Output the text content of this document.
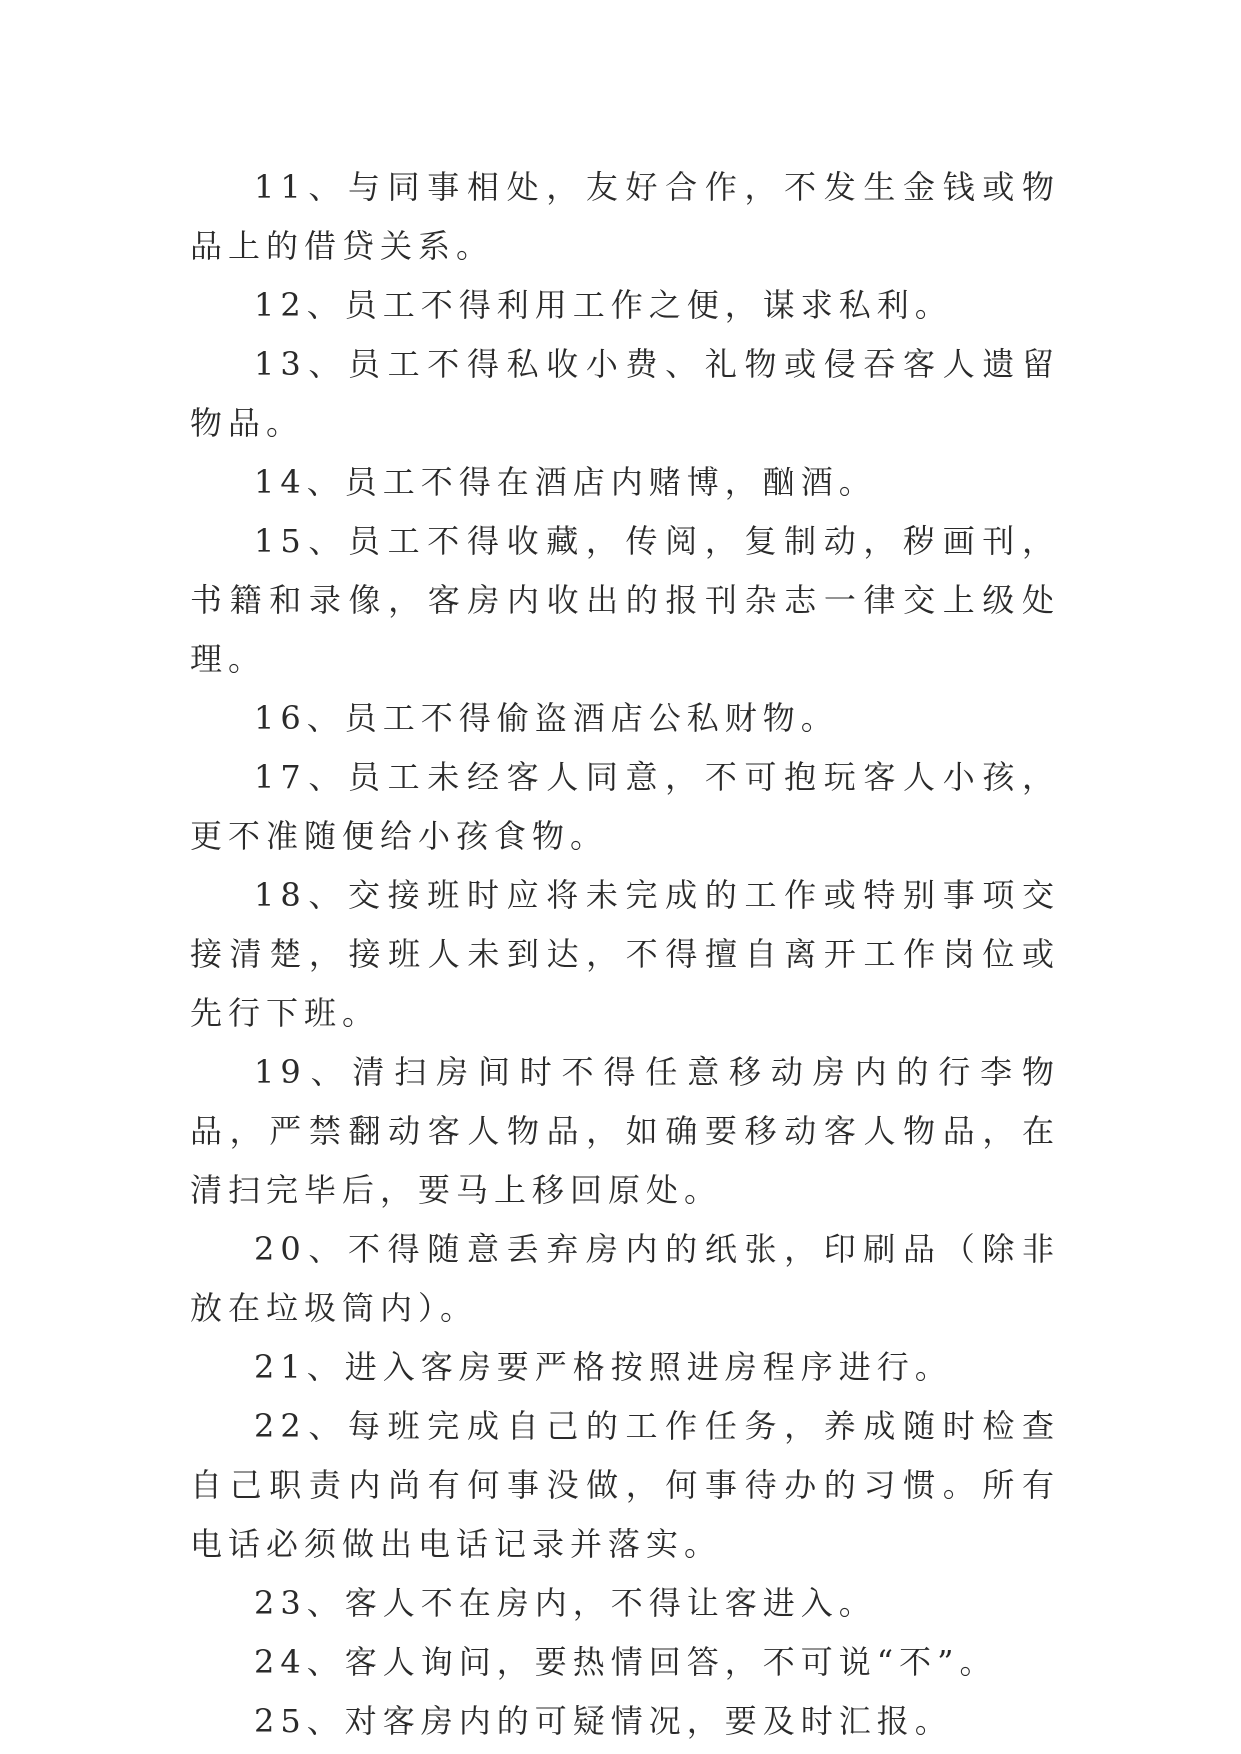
11、与同事相处，友好合作，不发生金钱或物品上的借贷关系。

12、员工不得利用工作之便，谋求私利。

13、员工不得私收小费、礼物或侵吞客人遗留物品。

14、员工不得在酒店内赌博，酗酒。

15、员工不得收藏，传阅，复制动，秽画刊，书籍和录像，客房内收出的报刊杂志一律交上级处理。

16、员工不得偷盗酒店公私财物。

17、员工未经客人同意，不可抱玩客人小孩，更不准随便给小孩食物。

18、交接班时应将未完成的工作或特别事项交接清楚，接班人未到达，不得擅自离开工作岗位或先行下班。

19、清扫房间时不得任意移动房内的行李物品，严禁翻动客人物品，如确要移动客人物品，在清扫完毕后，要马上移回原处。

20、不得随意丢弃房内的纸张，印刷品（除非放在垃圾筒内）。

21、进入客房要严格按照进房程序进行。

22、每班完成自己的工作任务，养成随时检查自己职责内尚有何事没做，何事待办的习惯。所有电话必须做出电话记录并落实。

23、客人不在房内，不得让客进入。

24、客人询问，要热情回答，不可说“不”。

25、对客房内的可疑情况，要及时汇报。
